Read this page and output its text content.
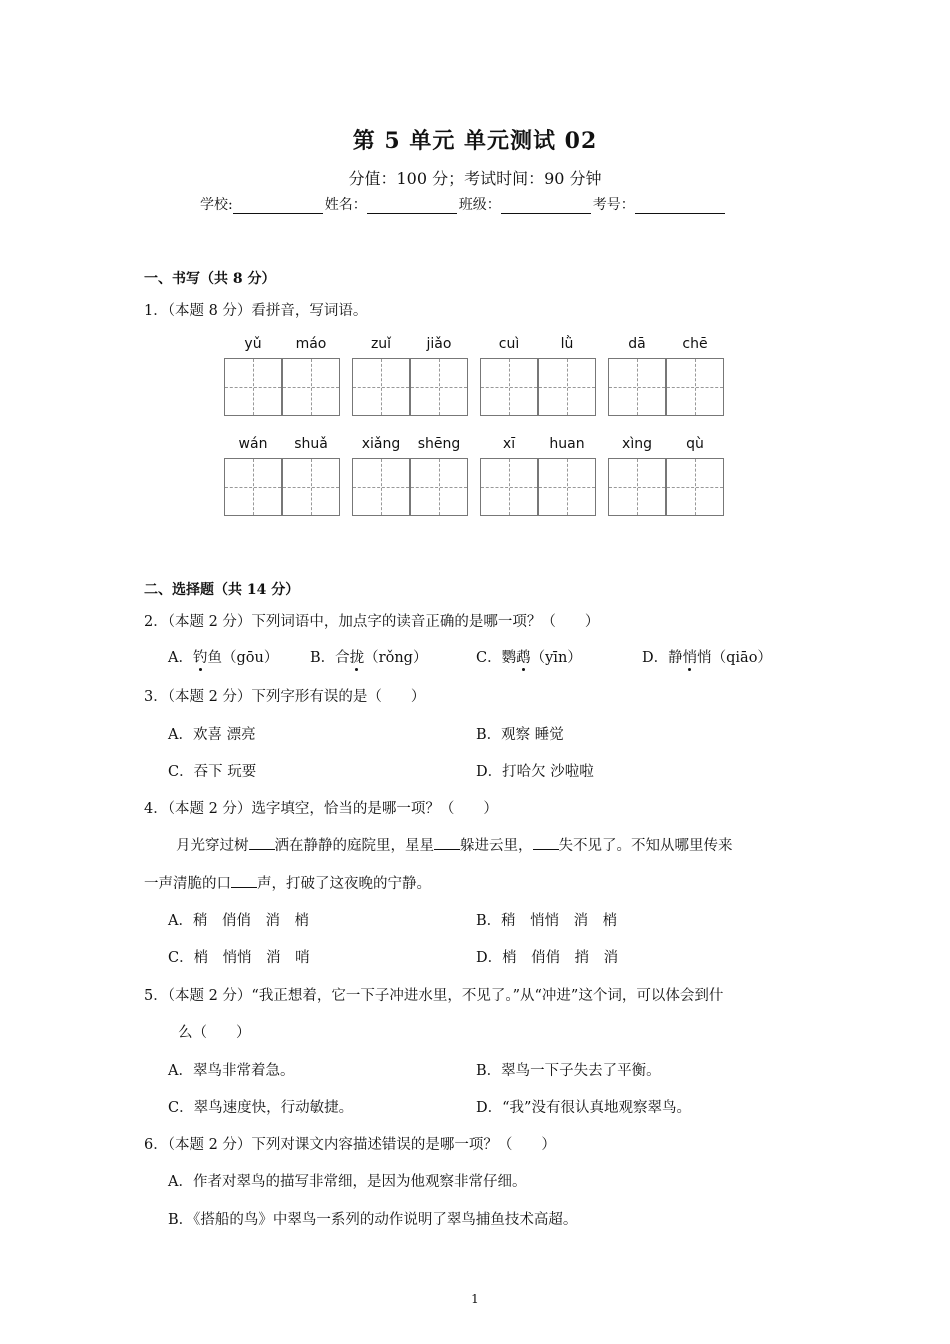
第 5 单元 单元测试 02
分值：100 分；考试时间：90 分钟
学校:	姓名：	班级：	考号：
一、书写（共 8 分）
1．（本题 8 分）看拼音，写词语。
yǔ	máo	zuǐ	jiǎo	cuì	lǜ	dā	chē
wán	shuǎ	xiǎng	shēng	xī	huan	xìng	qù
二、选择题（共 14 分）
2．（本题 2 分）下列词语中，加点字的读音正确的是哪一项？（　　）
A．钓鱼（gōu） B．合拢（rǒng）	C．鹦鹉（yīn）	D．静悄悄（qiāo）
3．（本题 2 分）下列字形有误的是（　　）
A．欢喜 漂亮	B．观察 睡觉
C．吞下 玩要	D．打哈欠 沙啦啦
4．（本题 2 分）选字填空，恰当的是哪一项？（　　）
月光穿过树 洒在静静的庭院里，星星 躲进云里， 失不见了。不知从哪里传来
一声清脆的口 声，打破了这夜晚的宁静。
A．稍　俏俏　消　梢	B．稍　悄悄　消　梢
C．梢　悄悄　消　哨	D．梢　俏俏　捎　消
5．（本题 2 分）“我正想着，它一下子冲进水里，不见了。”从“冲进”这个词，可以体会到什
么（　　）
A．翠鸟非常着急。	B．翠鸟一下子失去了平衡。
C．翠鸟速度快，行动敏捷。	D．“我”没有很认真地观察翠鸟。
6．（本题 2 分）下列对课文内容描述错误的是哪一项？（　　）
A．作者对翠鸟的描写非常细，是因为他观察非常仔细。
B．《搭船的鸟》中翠鸟一系列的动作说明了翠鸟捕鱼技术高超。
1
